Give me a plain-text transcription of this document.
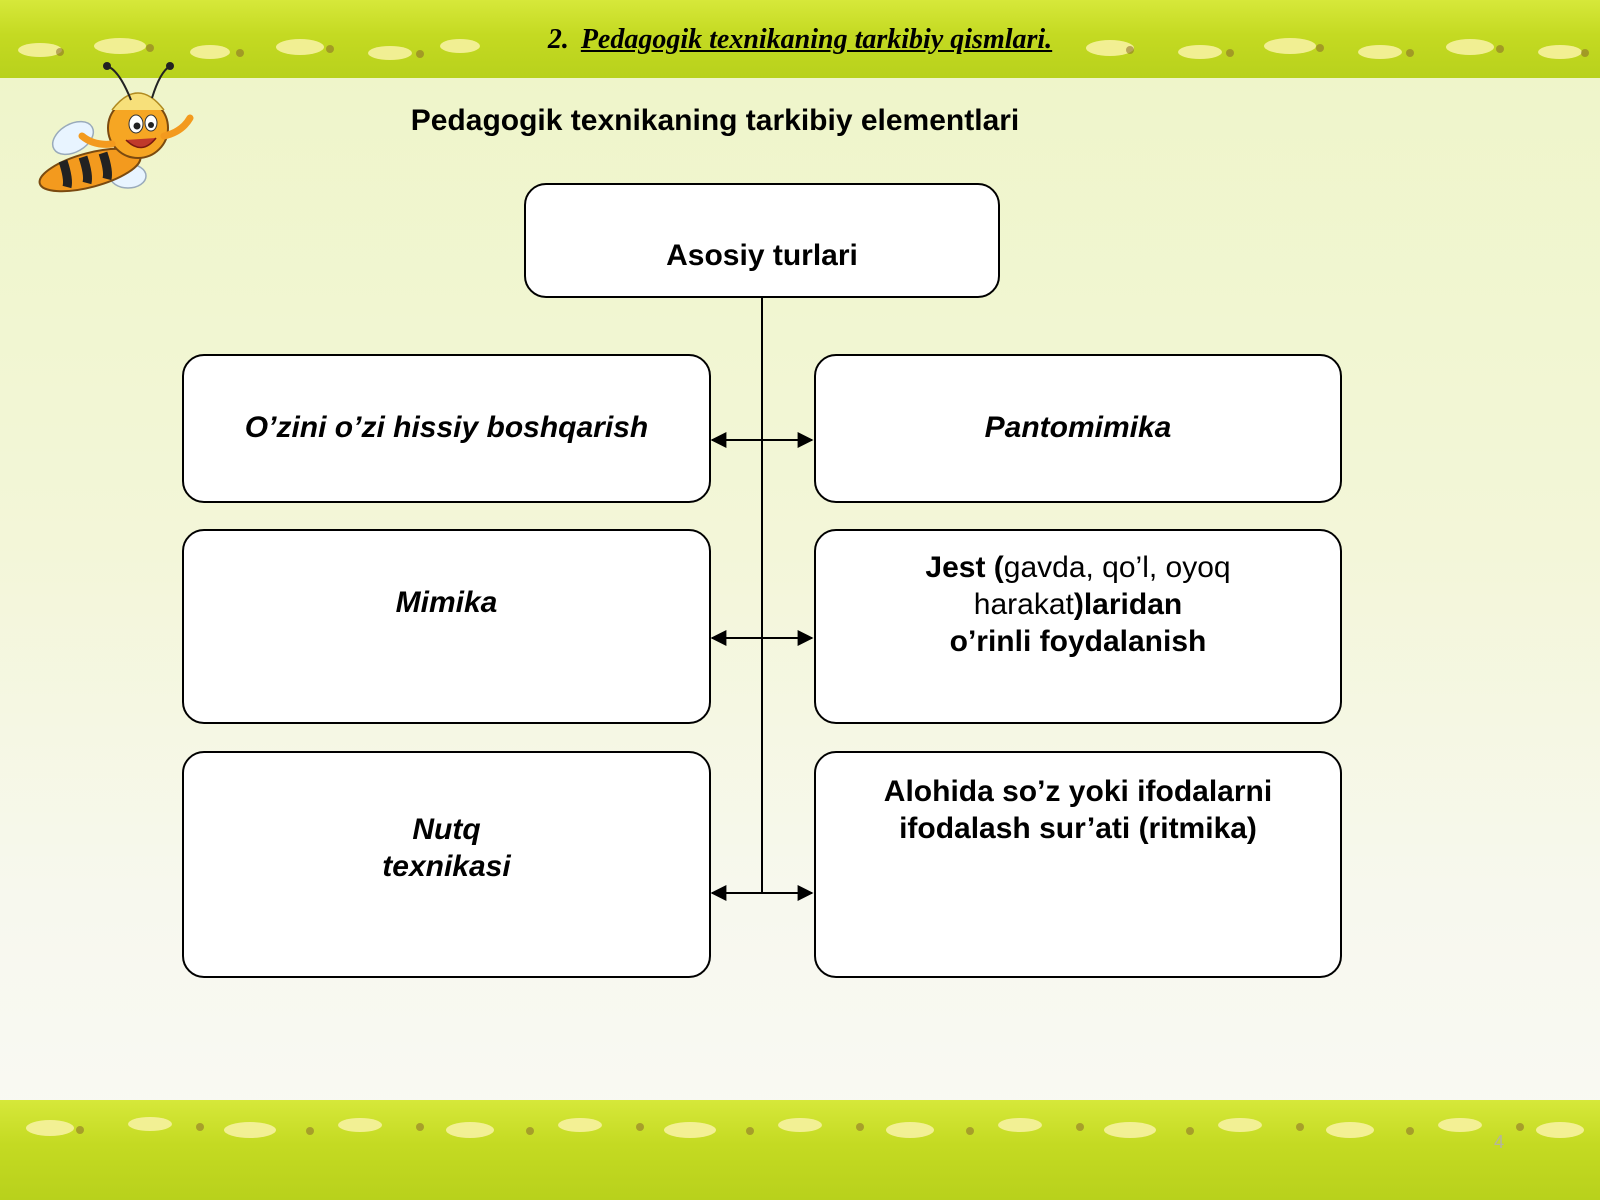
2. Pedagogik texnikaning tarkibiy qismlari.
Pedagogik texnikaning tarkibiy elementlari
Asosiy turlari
O’zini o’zi hissiy boshqarish
Mimika
Nutq
texnikasi
Pantomimika
Jest (gavda, qo’l, oyoq
harakat)laridan
o’rinli foydalanish
Alohida so’z yoki ifodalarni
ifodalash sur’ati (ritmika)
4
